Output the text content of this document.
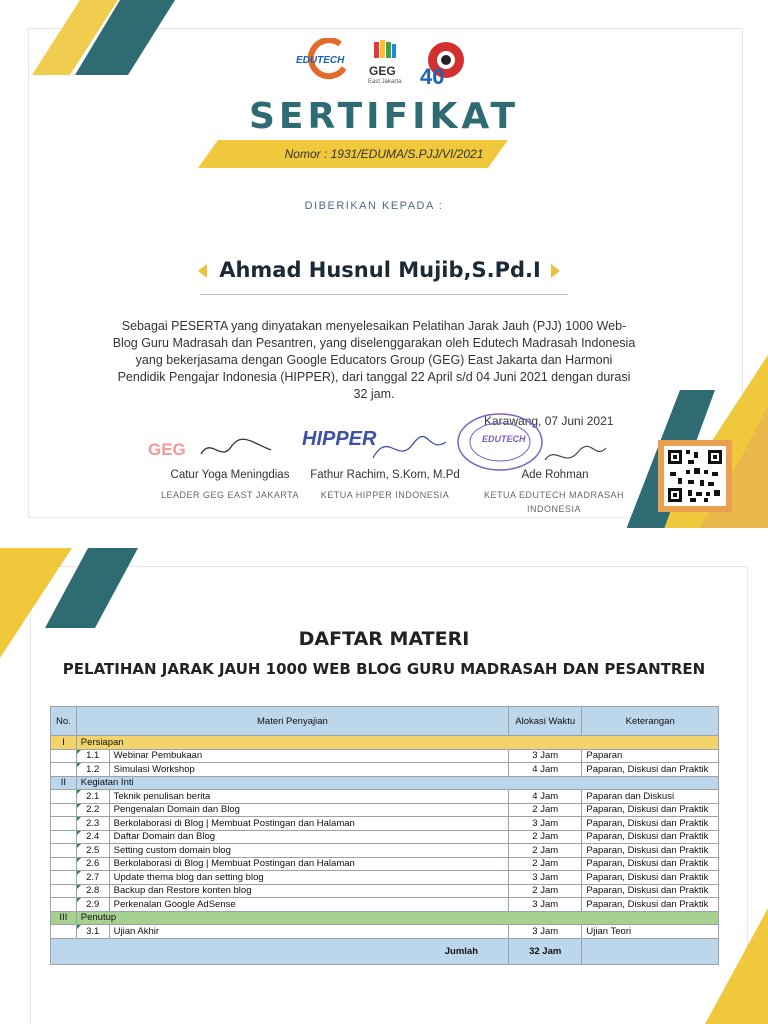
EDUTECH
GEG
East Jakarta 40
SERTIFIKAT
Nomor : 1931/EDUMA/S.PJJ/VI/2021
DIBERIKAN KEPADA :
Ahmad Husnul Mujib,S.Pd.I
Sebagai PESERTA yang dinyatakan menyelesaikan Pelatihan Jarak Jauh (PJJ) 1000 Web-Blog Guru Madrasah dan Pesantren, yang diselenggarakan oleh Edutech Madrasah Indonesia yang bekerjasama dengan Google Educators Group (GEG) East Jakarta dan Harmoni Pendidik Pengajar Indonesia (HIPPER), dari tanggal 22 April s/d 04 Juni 2021 dengan durasi 32 jam.
Karawang, 07 Juni 2021
GEG	HIPPER	EDUTECH
Catur Yoga Meningdias	Fathur Rachim, S.Kom, M.Pd	Ade Rohman
LEADER GEG EAST JAKARTA	KETUA HIPPER INDONESIA	KETUA EDUTECH MADRASAH INDONESIA
DAFTAR MATERI
PELATIHAN JARAK JAUH 1000 WEB BLOG GURU MADRASAH DAN PESANTREN
No.	Materi Penyajian		Alokasi Waktu	Keterangan
I	Persiapan			
	1.1	Webinar Pembukaan	3 Jam	Paparan
	1.2	Simulasi Workshop	4 Jam	Paparan, Diskusi dan Praktik
II	Kegiatan Inti			
	2.1	Teknik penulisan berita	4 Jam	Paparan dan Diskusi
	2.2	Pengenalan Domain dan Blog	2 Jam	Paparan, Diskusi dan Praktik
	2.3	Berkolaborasi di Blog | Membuat Postingan dan Halaman	3 Jam	Paparan, Diskusi dan Praktik
	2.4	Daftar Domain dan Blog	2 Jam	Paparan, Diskusi dan Praktik
	2.5	Setting custom domain blog	2 Jam	Paparan, Diskusi dan Praktik
	2.6	Berkolaborasi di Blog | Membuat Postingan dan Halaman	2 Jam	Paparan, Diskusi dan Praktik
	2.7	Update thema blog dan setting blog	3 Jam	Paparan, Diskusi dan Praktik
	2.8	Backup dan Restore konten blog	2 Jam	Paparan, Diskusi dan Praktik
	2.9	Perkenalan Google AdSense	3 Jam	Paparan, Diskusi dan Praktik
III	Penutup			
	3.1	Ujian Akhir	3 Jam	Ujian Teori
Jumlah			32 Jam	
